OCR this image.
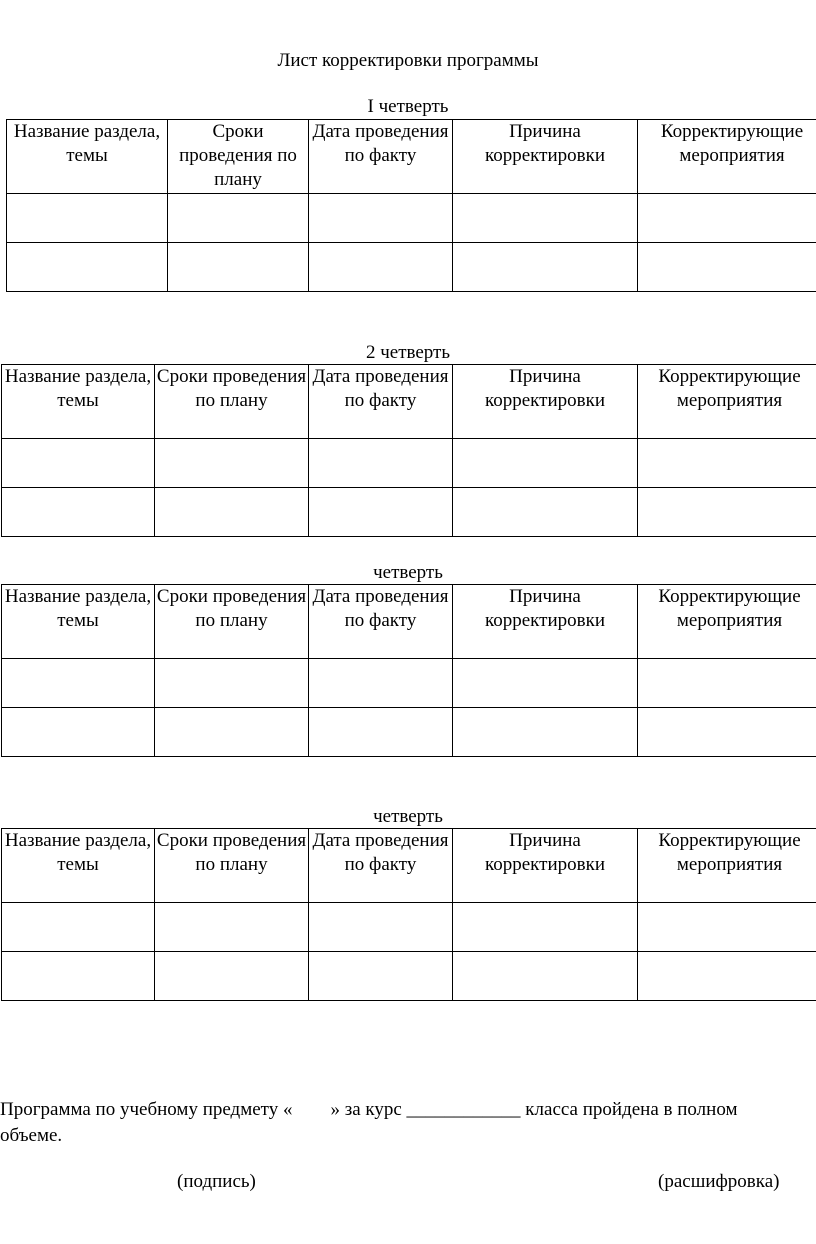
Лист корректировки программы
I четверть
Название раздела, темы	Сроки проведения по плану	Дата проведения по факту	Причина корректировки	Корректирующие мероприятия

2 четверть
Название раздела, темы	Сроки проведения по плану	Дата проведения по факту	Причина корректировки	Корректирующие мероприятия

четверть
Название раздела, темы	Сроки проведения по плану	Дата проведения по факту	Причина корректировки	Корректирующие мероприятия

четверть
Название раздела, темы	Сроки проведения по плану	Дата проведения по факту	Причина корректировки	Корректирующие мероприятия

Программа по учебному предмету «        » за курс ____________ класса пройдена в полном
объеме.
(подпись)	(расшифровка)
